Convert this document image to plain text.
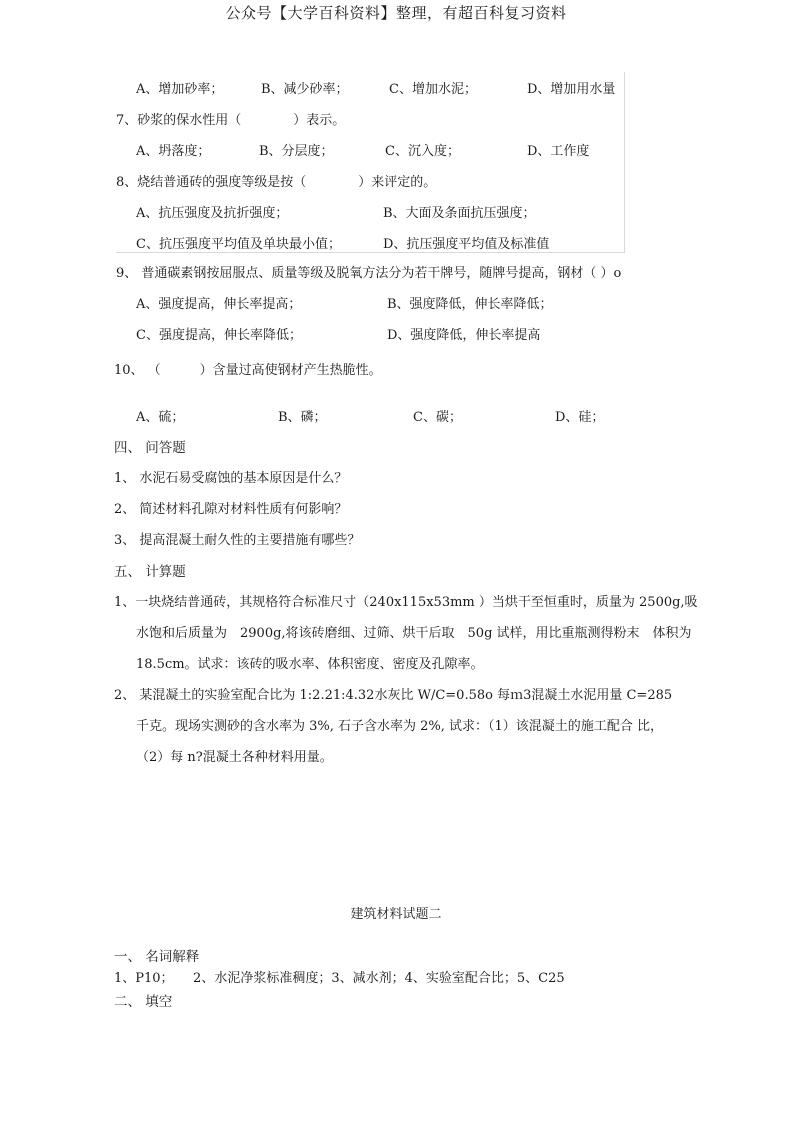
公众号【大学百科资料】整理，有超百科复习资料
A、增加砂率；	B、减少砂率；	C、增加水泥；	D、增加用水量
7、砂浆的保水性用（　　　　）表示。
A、坍落度；	B、分层度；	C、沉入度；	D、工作度
8、烧结普通砖的强度等级是按（　　　　）来评定的。
A、抗压强度及抗折强度；	B、大面及条面抗压强度；
C、抗压强度平均值及单块最小值；	D、抗压强度平均值及标准值
9、 普通碳素钢按屈服点、质量等级及脱氧方法分为若干牌号，随牌号提高，钢材（ ）o
A、强度提高，伸长率提高；	B、强度降低，伸长率降低；
C、强度提高，伸长率降低；	D、强度降低，伸长率提高
10、 （　　　）含量过高使钢材产生热脆性。
A、硫；	B、磷；	C、碳；	D、硅；
四、 问答题
1、 水泥石易受腐蚀的基本原因是什么？
2、 简述材料孔隙对材料性质有何影响？
3、 提高混凝土耐久性的主要措施有哪些？
五、 计算题
1、一块烧结普通砖，其规格符合标准尺寸（240x115x53mm ）当烘干至恒重时，质量为 2500g,吸
水饱和后质量为　2900g,将该砖磨细、过筛、烘干后取　50g 试样，用比重瓶测得粉末　体积为
18.5cm。试求：该砖的吸水率、体积密度、密度及孔隙率。
2、 某混凝土的实验室配合比为 1:2.21:4.32水灰比 W/C=0.58o 每ｍ3混凝土水泥用量 C=285
千克。现场实测砂的含水率为 3%, 石子含水率为 2%, 试求：（1）该混凝土的施工配合 比，
（2）每 n?混凝土各种材料用量。
建筑材料试题二
一、 名词解释
1、P10；　　2、水泥净浆标准稠度；3、减水剂；4、实验室配合比；5、C25
二、 填空
